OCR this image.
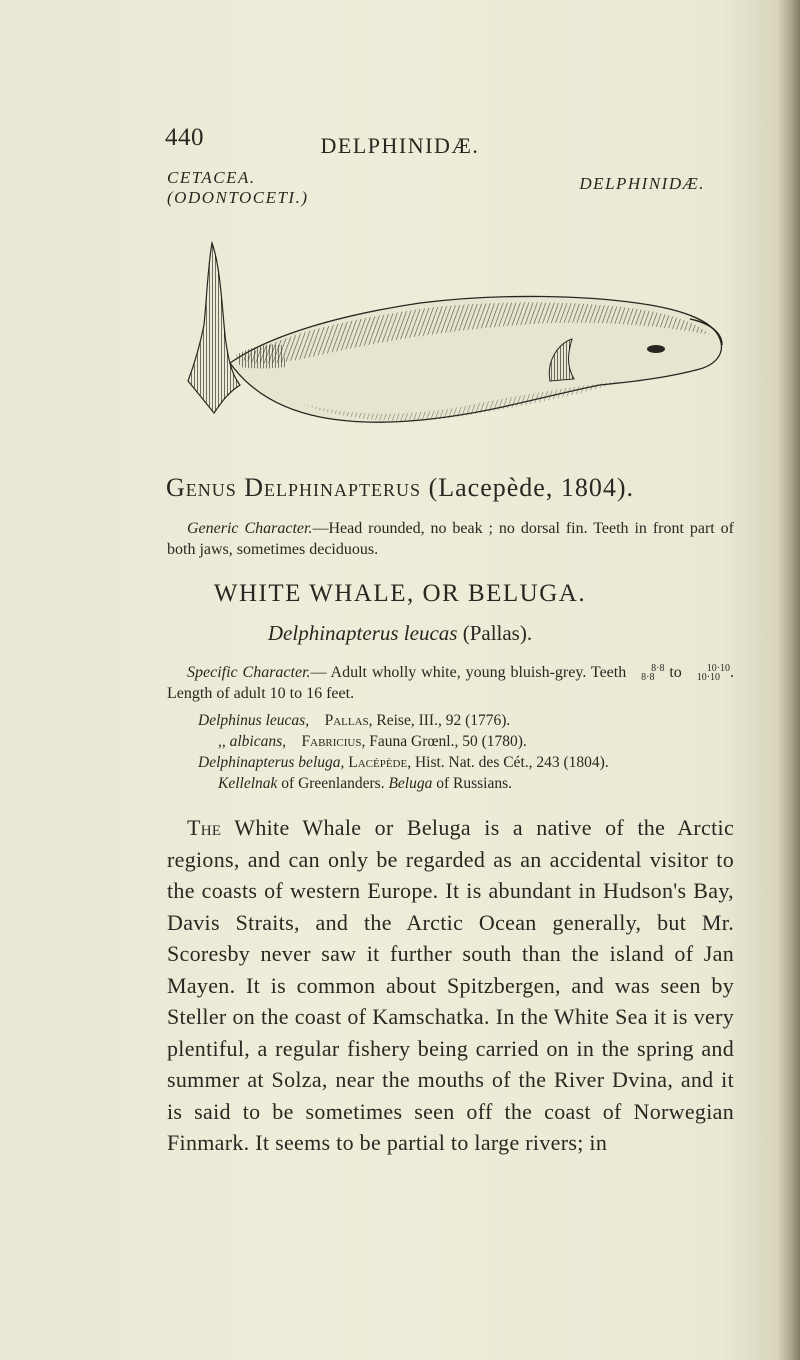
440	DELPHINIDÆ.
CETACEA.
(ODONTOCETI.)
DELPHINIDÆ.
Genus Delphinapterus (Lacepède, 1804).
Generic Character.—Head rounded, no beak ; no dorsal fin. Teeth in front part of both jaws, sometimes deciduous.
WHITE WHALE, OR BELUGA.
Delphinapterus leucas (Pallas).
Specific Character.— Adult wholly white, young bluish-grey. Teeth 8·8
8·8 to 10·10
10·10 . Length of adult 10 to 16 feet.
Delphinus leucas, Pallas, Reise, III., 92 (1776).
,, albicans, Fabricius, Fauna Grœnl., 50 (1780).
Delphinapterus beluga, Lacépède, Hist. Nat. des Cét., 243 (1804).
Kellelnak of Greenlanders. Beluga of Russians.
The White Whale or Beluga is a native of the Arctic regions, and can only be regarded as an accidental visitor to the coasts of western Europe. It is abundant in Hudson's Bay, Davis Straits, and the Arctic Ocean generally, but Mr. Scoresby never saw it further south than the island of Jan Mayen. It is common about Spitzbergen, and was seen by Steller on the coast of Kamschatka. In the White Sea it is very plentiful, a regular fishery being carried on in the spring and summer at Solza, near the mouths of the River Dvina, and it is said to be sometimes seen off the coast of Norwegian Finmark. It seems to be partial to large rivers; in
